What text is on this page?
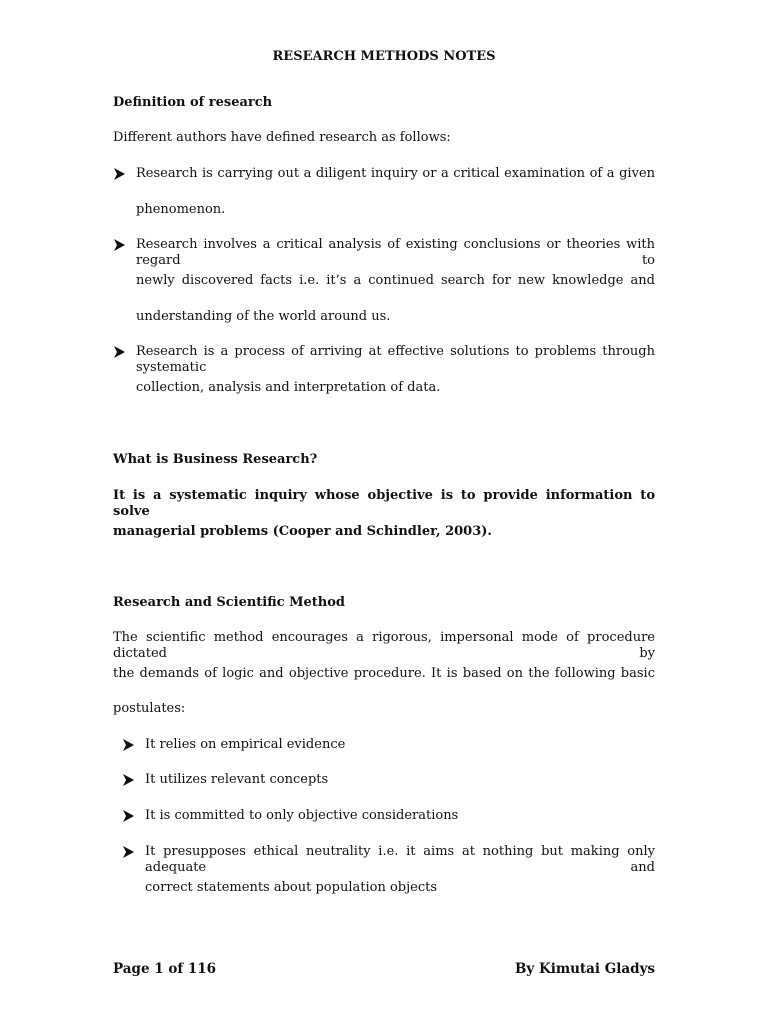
RESEARCH METHODS NOTES
Definition of research
Different authors have defined research as follows:
Research is carrying out a diligent inquiry or a critical examination of a given
phenomenon.
Research involves a critical analysis of existing conclusions or theories with regard to
newly discovered facts i.e. it’s a continued search for new knowledge and
understanding of the world around us.
Research is a process of arriving at effective solutions to problems through systematic
collection, analysis and interpretation of data.
What is Business Research?
It is a systematic inquiry whose objective is to provide information to solve
managerial problems (Cooper and Schindler, 2003).
Research and Scientific Method
The scientific method encourages a rigorous, impersonal mode of procedure dictated by
the demands of logic and objective procedure. It is based on the following basic
postulates:
It relies on empirical evidence
It utilizes relevant concepts
It is committed to only objective considerations
It presupposes ethical neutrality i.e. it aims at nothing but making only adequate and
correct statements about population objects
Page 1 of 116	By Kimutai Gladys
